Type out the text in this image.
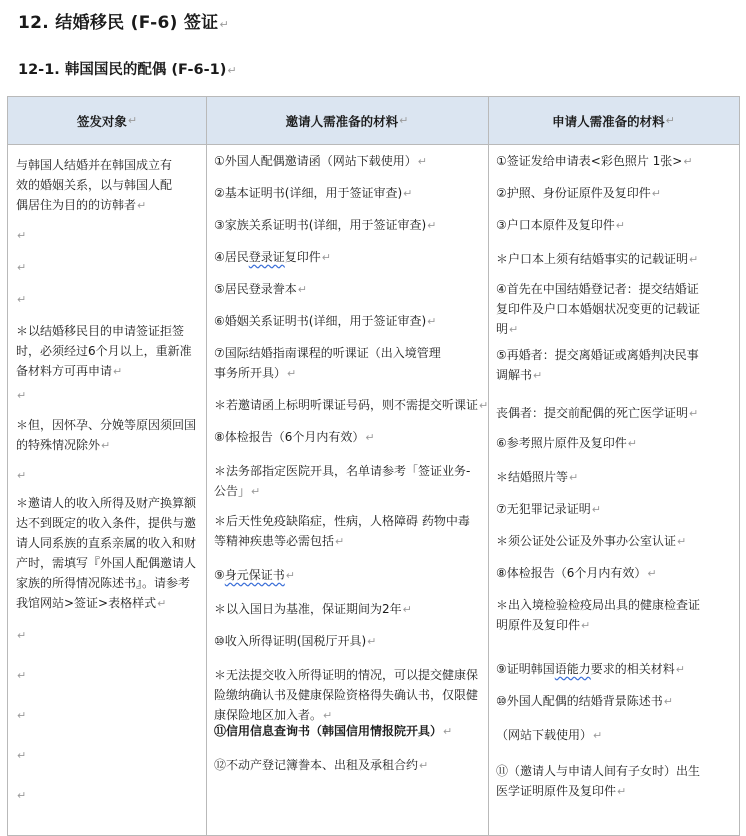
12. 结婚移民 (F-6) 签证 ↵
12-1. 韩国国民的配偶 (F-6-1) ↵
签发对象 ↵	邀请人需准备的材料 ↵	申请人需准备的材料
↵
与韩国人结婚并在韩国成立有
效的婚姻关系，以与韩国人配
偶居住为目的的访韩者 ↵
↵
↵
↵
＊以结婚移民目的申请签证拒签
时，必须经过6个月以上，重新准
备材料方可再申请 ↵
↵
＊但，因怀孕、分娩等原因须回国
的特殊情况除外 ↵
↵
＊邀请人的收入所得及财产换算额
达不到既定的收入条件，提供与邀
请人同系族的直系亲属的收入和财
产时，需填写『外国人配偶邀请人
家族的所得情况陈述书』。请参考
我馆网站>签证>表格样式 ↵
↵
↵
↵
↵
↵
①外国人配偶邀请函（网站下载使用） ↵
②基本证明书(详细，用于签证审查) ↵
③家族关系证明书(详细，用于签证审查) ↵
④居民登录证复印件 ↵
⑤居民登录誊本 ↵
⑥婚姻关系证明书(详细，用于签证审查) ↵
⑦国际结婚指南课程的听课证（出入境管理
事务所开具） ↵
＊若邀请函上标明听课证号码，则不需提交听课证 ↵
⑧体检报告（6个月内有效） ↵
＊法务部指定医院开具，名单请参考「签证业务-
公告」 ↵
＊后天性免疫缺陷症，性病，人格障碍 药物中毒
等精神疾患等必需包括 ↵
⑨身元保证书 ↵
＊以入国日为基准，保证期间为2年 ↵
⑩收入所得证明(国税厅开具) ↵
＊无法提交收入所得证明的情况，可以提交健康保
险缴纳确认书及健康保险资格得失确认书，仅限健
康保险地区加入者。 ↵
⑪信用信息查询书（韩国信用情报院开具） ↵
⑫不动产登记簿誊本、出租及承租合约 ↵
①签证发给申请表<彩色照片 1张> ↵
②护照、身份证原件及复印件 ↵
③户口本原件及复印件 ↵
＊户口本上须有结婚事实的记载证明 ↵
④首先在中国结婚登记者：提交结婚证
复印件及户口本婚姻状况变更的记载证
明 ↵
⑤再婚者：提交离婚证或离婚判决民事
调解书 ↵
丧偶者：提交前配偶的死亡医学证明 ↵
⑥参考照片原件及复印件 ↵
＊结婚照片等 ↵
⑦无犯罪记录证明 ↵
＊须公证处公证及外事办公室认证 ↵
⑧体检报告（6个月内有效） ↵
＊出入境检验检疫局出具的健康检查证
明原件及复印件 ↵
⑨证明韩国语能力要求的相关材料 ↵
⑩外国人配偶的结婚背景陈述书 ↵
（网站下载使用） ↵
⑪（邀请人与申请人间有子女时）出生
医学证明原件及复印件 ↵
